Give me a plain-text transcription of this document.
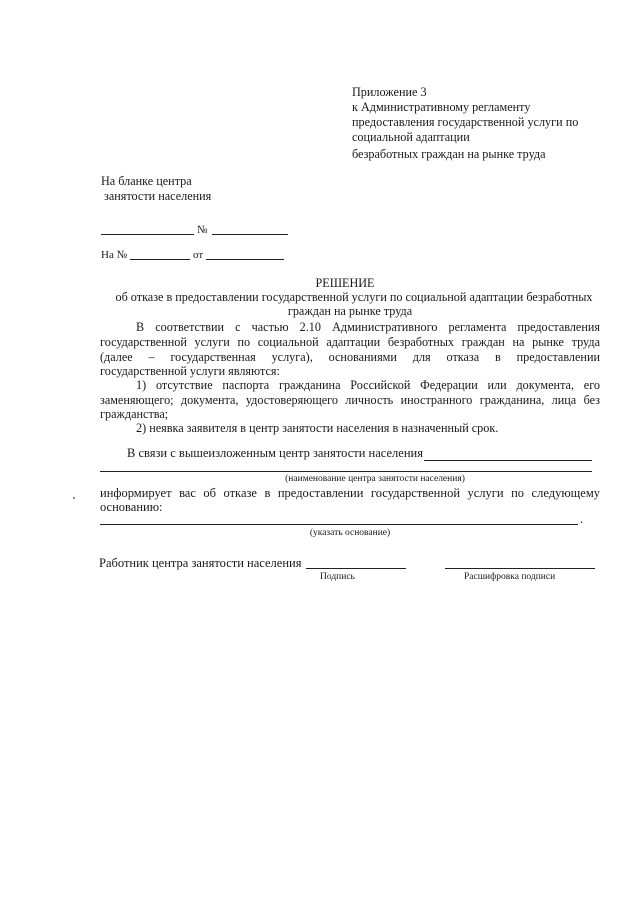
Приложение 3
к Административному регламенту
предоставления государственной услуги по
социальной адаптации
безработных граждан на рынке труда
На бланке центра
занятости населения
№
На №	от
РЕШЕНИЕ
об отказе в предоставлении государственной услуги по социальной адаптации безработных
граждан на рынке труда
В соответствии с частью 2.10 Административного регламента предоставления
государственной услуги по социальной адаптации безработных граждан на рынке труда
(далее – государственная услуга), основаниями для отказа в предоставлении
государственной услуги являются:
1) отсутствие паспорта гражданина Российской Федерации или документа, его
заменяющего; документа, удостоверяющего личность иностранного гражданина, лица без
гражданства;
2) неявка заявителя в центр занятости населения в назначенный срок.
В связи с вышеизложенным центр занятости населения
(наименование центра занятости населения)
информирует вас об отказе в предоставлении государственной услуги по следующему
основанию:
.
(указать основание)
Работник центра занятости населения
Подпись	Расшифровка подписи
